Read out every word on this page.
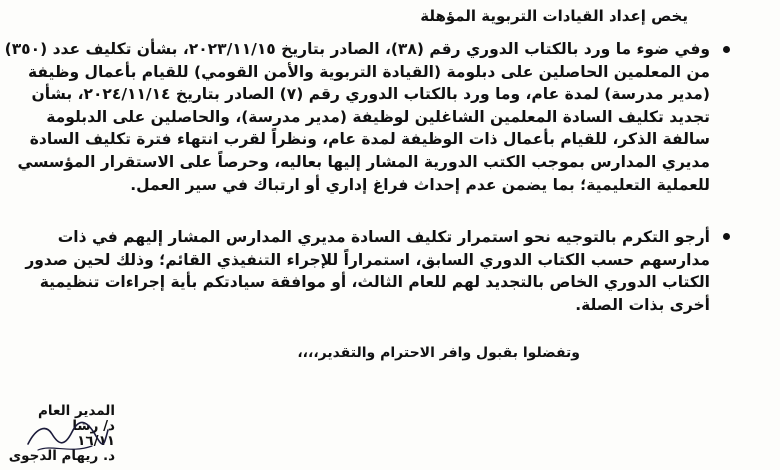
يخص إعداد القيادات التربوية المؤهلة
وفي ضوء ما ورد بالكتاب الدوري رقم (٣٨)، الصادر بتاريخ ٢٠٢٣/١١/١٥، بشأن تكليف عدد (٣٥٠)
من المعلمين الحاصلين على دبلومة (القيادة التربوية والأمن القومي) للقيام بأعمال وظيفة
(مدير مدرسة) لمدة عام، وما ورد بالكتاب الدوري رقم (٧) الصادر بتاريخ ٢٠٢٤/١١/١٤، بشأن
تجديد تكليف السادة المعلمين الشاغلين لوظيفة (مدير مدرسة)، والحاصلين على الدبلومة
سالفة الذكر، للقيام بأعمال ذات الوظيفة لمدة عام، ونظراً لقرب انتهاء فترة تكليف السادة
مديري المدارس بموجب الكتب الدورية المشار إليها بعاليه، وحرصاً على الاستقرار المؤسسي
للعملية التعليمية؛ بما يضمن عدم إحداث فراغ إداري أو ارتباك في سير العمل.
أرجو التكرم بالتوجيه نحو استمرار تكليف السادة مديري المدارس المشار إليهم في ذات
مدارسهم حسب الكتاب الدوري السابق، استمراراً للإجراء التنفيذي القائم؛ وذلك لحين صدور
الكتاب الدوري الخاص بالتجديد لهم للعام الثالث، أو موافقة سيادتكم بأية إجراءات تنظيمية
أخرى بذات الصلة.
وتفضلوا بقبول وافر الاحترام والتقدير،،،،
المدير العام
د/ رشا
١٦/١١
د. ريهام الدجوى
